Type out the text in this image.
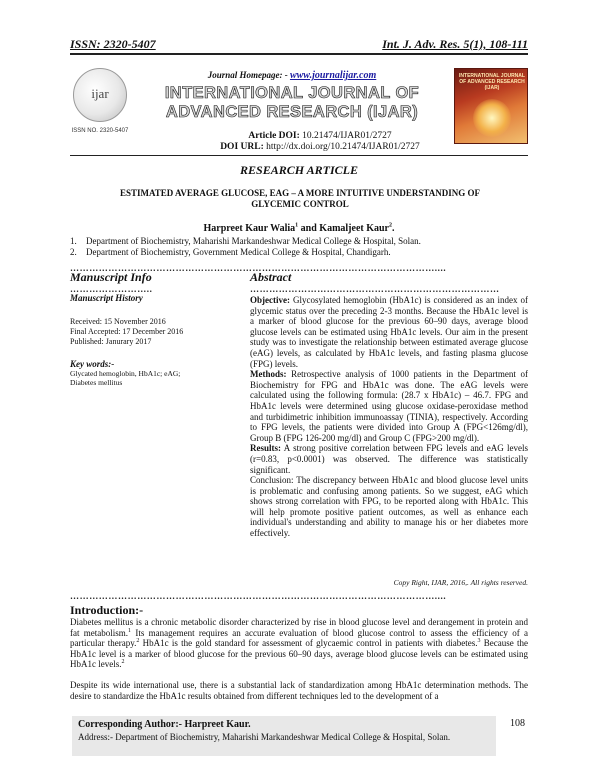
ISSN: 2320-5407	Int. J. Adv. Res. 5(1), 108-111
ijar
ISSN NO. 2320-5407
Journal Homepage: - www.journalijar.com
INTERNATIONAL JOURNAL OF
ADVANCED RESEARCH (IJAR)
INTERNATIONAL JOURNAL OF ADVANCED RESEARCH (IJAR)
Article DOI: 10.21474/IJAR01/2727
DOI URL: http://dx.doi.org/10.21474/IJAR01/2727
RESEARCH ARTICLE
ESTIMATED AVERAGE GLUCOSE, EAG – A MORE INTUITIVE UNDERSTANDING OF GLYCEMIC CONTROL
Harpreet Kaur Walia$^1$ and Kamaljeet Kaur$^2$.
1.	Department of Biochemistry, Maharishi Markandeshwar Medical College & Hospital, Solan.
2.	Department of Biochemistry, Government Medical College & Hospital, Chandigarh.
……………………………………………………………………………………………………....
Manuscript Info	Abstract
……………………..	……………………………………………………………………
Manuscript History
Received: 15 November 2016
Final Accepted: 17 December 2016
Published: Janurary 2017
Key words:-
Glycated hemoglobin, HbA1c; eAG;
Diabetes mellitus

Objective: Glycosylated hemoglobin (HbA1c) is considered as an index of glycemic status over the preceding 2-3 months. Because the HbA1c level is a marker of blood glucose for the previous 60–90 days, average blood glucose levels can be estimated using HbA1c levels. Our aim in the present study was to investigate the relationship between estimated average glucose (eAG) levels, as calculated by HbA1c levels, and fasting plasma glucose (FPG) levels.

Methods: Retrospective analysis of 1000 patients in the Department of Biochemistry for FPG and HbA1c was done. The eAG levels were calculated using the following formula: (28.7 x HbA1c) – 46.7. FPG and HbA1c levels were determined using glucose oxidase-peroxidase method and turbidimetric inhibition immunoassay (TINIA), respectively. According to FPG levels, the patients were divided into Group A (FPG<126mg/dl), Group B (FPG 126-200 mg/dl) and Group C (FPG>200 mg/dl).

Results: A strong positive correlation between FPG levels and eAG levels (r=0.83, p<0.0001) was observed. The difference was statistically significant.

Conclusion: The discrepancy between HbA1c and blood glucose level units is problematic and confusing among patients. So we suggest, eAG which shows strong correlation with FPG, to be reported along with HbA1c. This will help promote positive patient outcomes, as well as enhance each individual's understanding and ability to manage his or her diabetes more effectively.

Copy Right, IJAR, 2016,. All rights reserved.
……………………………………………………………………………………………………....
Introduction:-

Diabetes mellitus is a chronic metabolic disorder characterized by rise in blood glucose level and derangement in protein and fat metabolism.$^1$ Its management requires an accurate evaluation of blood glucose control to assess the efficiency of a particular therapy.$^2$ HbA1c is the gold standard for assessment of glycaemic control in patients with diabetes.$^3$ Because the HbA1c level is a marker of blood glucose for the previous 60–90 days, average blood glucose levels can be estimated using HbA1c levels.$^2$

Despite its wide international use, there is a substantial lack of standardization among HbA1c determination methods. The desire to standardize the HbA1c results obtained from different techniques led to the development of a

Corresponding Author:- Harpreet Kaur.
Address:- Department of Biochemistry, Maharishi Markandeshwar Medical College & Hospital, Solan.
108
